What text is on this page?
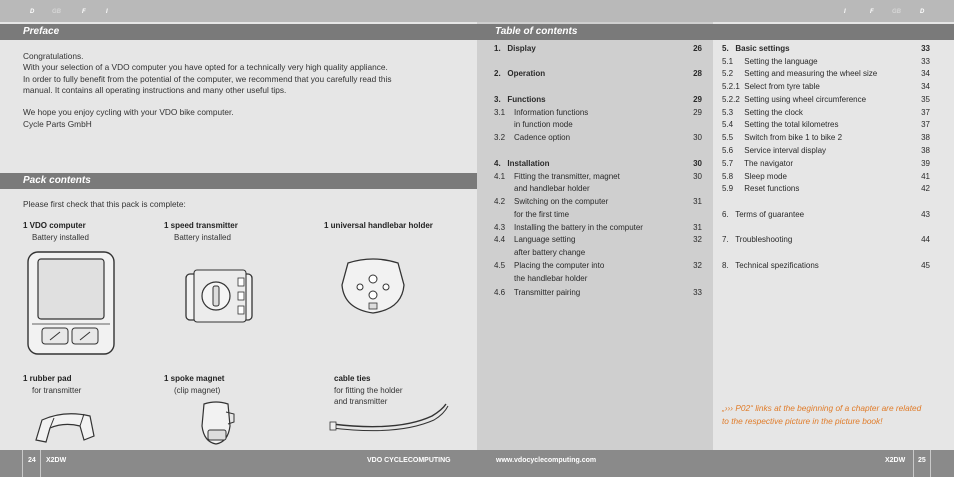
D	GB	F	I	I	F	GB	D
Preface
Congratulations.
With your selection of a VDO computer you have opted for a technically very high quality appliance.
In order to fully benefit from the potential of the computer, we recommend that you carefully read this
manual. It contains all operating instructions and many other useful tips.
We hope you enjoy cycling with your VDO bike computer.
Cycle Parts GmbH
Pack contents
Please first check that this pack is complete:
1 VDO computer
Battery installed
1 speed transmitter
Battery installed
1 universal handlebar holder
1 rubber pad
for transmitter
1 spoke magnet
(clip magnet)
cable ties
for fitting the holder
and transmitter
Table of contents
1.   Display	26
2.   Operation	28
3.   Functions	29
3.1    Information functions	29
in function mode
3.2    Cadence option	30
4.   Installation	30
4.1    Fitting the transmitter, magnet	30
and handlebar holder
4.2    Switching on the computer	31
for the first time
4.3    Installing the battery in the computer	31
4.4    Language setting	32
after battery change
4.5    Placing the computer into	32
the handlebar holder
4.6    Transmitter pairing	33
5.   Basic settings	33
5.1     Setting the language	33
5.2     Setting and measuring the wheel size	34
5.2.1  Select from tyre table	34
5.2.2  Setting using wheel circumference	35
5.3     Setting the clock	37
5.4     Setting the total kilometres	37
5.5     Switch from bike 1 to bike 2	38
5.6     Service interval display	38
5.7     The navigator	39
5.8     Sleep mode	41
5.9     Reset functions	42
6.   Terms of guarantee	43
7.   Troubleshooting	44
8.   Technical spezifications	45
„››› P02“ links at the beginning of a chapter are related to the respective picture in the picture book!
24 X2DW	VDO CYCLECOMPUTING	www.vdocyclecomputing.com	X2DW 25
